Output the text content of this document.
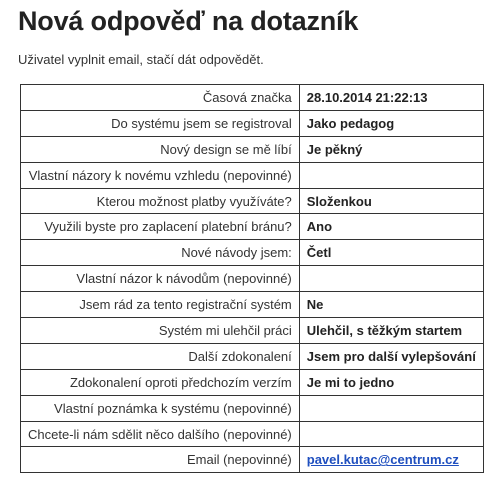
Nová odpověď na dotazník

Uživatel vyplnit email, stačí dát odpovědět.

Časová značka	28.10.2014 21:22:13
Do systému jsem se registroval	Jako pedagog
Nový design se mě líbí	Je pěkný
Vlastní názory k novému vzhledu (nepovinné)	
Kterou možnost platby využíváte?	Složenkou
Využili byste pro zaplacení platební bránu?	Ano
Nové návody jsem:	Četl
Vlastní názor k návodům (nepovinné)	
Jsem rád za tento registrační systém	Ne
Systém mi ulehčil práci	Ulehčil, s těžkým startem
Další zdokonalení	Jsem pro další vylepšování
Zdokonalení oproti předchozím verzím	Je mi to jedno
Vlastní poznámka k systému (nepovinné)	
Chcete-li nám sdělit něco dalšího (nepovinné)	
Email (nepovinné)	pavel.kutac@centrum.cz
